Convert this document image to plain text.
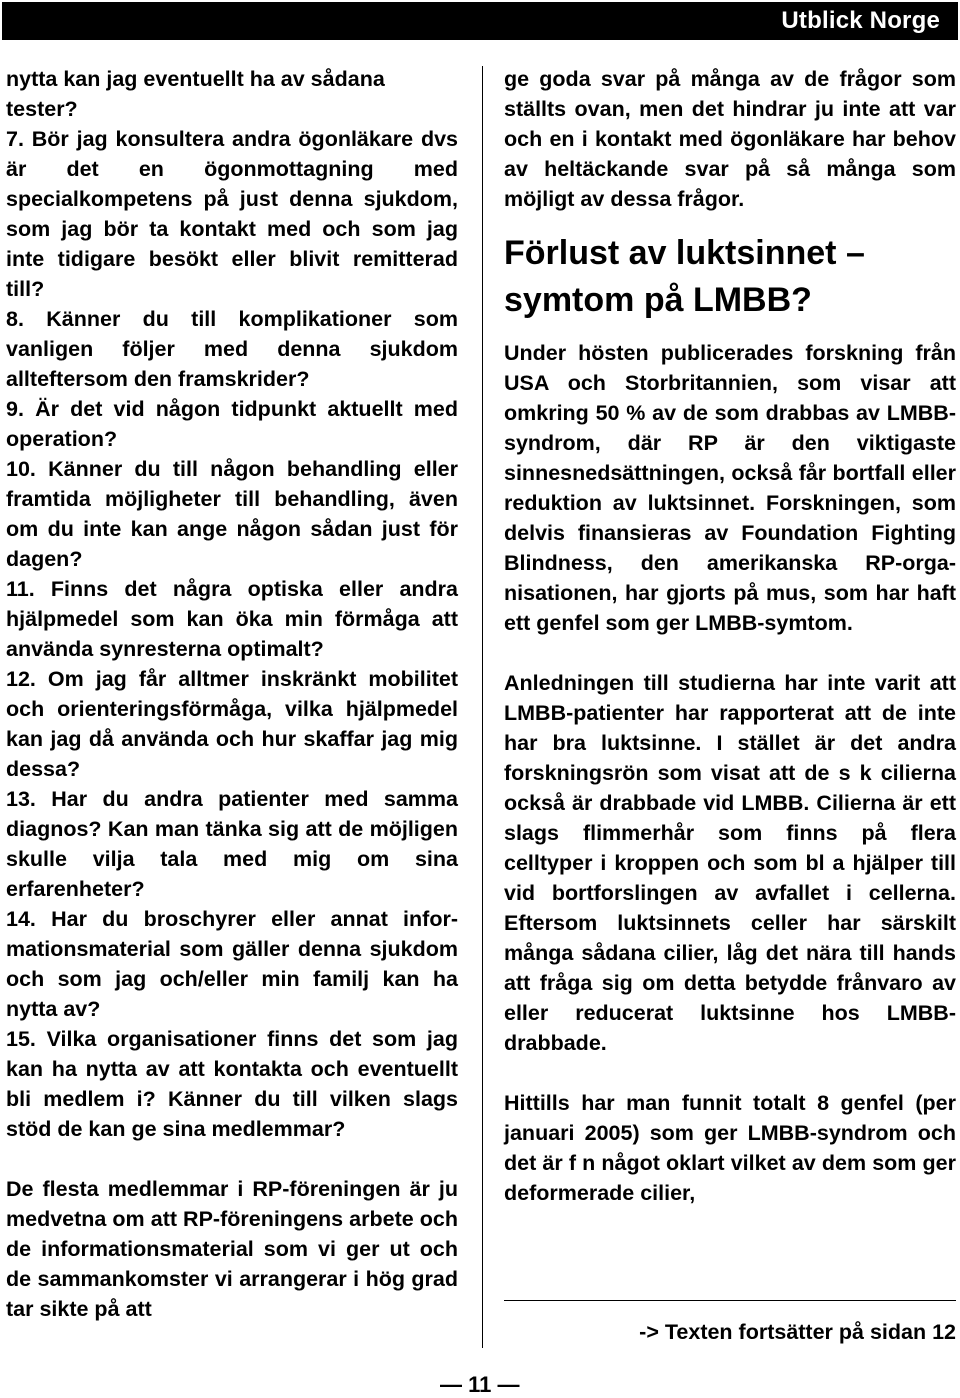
Utblick Norge

nytta kan jag eventuellt ha av sådana tester?

7. Bör jag konsultera andra ögonläkare dvs är det en ögonmottagning med specialkompetens på just denna sjukdom, som jag bör ta kontakt med och som jag inte tidigare besökt eller blivit remitterad till?

8. Känner du till komplikationer som vanligen följer med denna sjukdom allteftersom den framskrider?

9. Är det vid någon tidpunkt aktuellt med operation?

10. Känner du till någon behandling eller framtida möjligheter till behandling, även om du inte kan ange någon sådan just för dagen?

11. Finns det några optiska eller andra hjälpmedel som kan öka min förmåga att använda synresterna optimalt?

12. Om jag får alltmer inskränkt mobilitet och orienteringsförmåga, vilka hjälpmedel kan jag då använda och hur skaffar jag mig dessa?

13. Har du andra patienter med samma diagnos? Kan man tänka sig att de möjligen skulle vilja tala med mig om sina erfarenheter?

14. Har du broschyrer eller annat informationsmaterial som gäller denna sjukdom och som jag och/eller min familj kan ha nytta av?

15. Vilka organisationer finns det som jag kan ha nytta av att kontakta och eventuellt bli medlem i? Känner du till vilken slags stöd de kan ge sina medlemmar?

De flesta medlemmar i RP-föreningen är ju medvetna om att RP-föreningens arbete och de informationsmaterial som vi ger ut och de sammankomster vi arrangerar i hög grad tar sikte på att

ge goda svar på många av de frågor som ställts ovan, men det hindrar ju inte att var och en i kontakt med ögonläkare har behov av heltäckande svar på så många som möjligt av dessa frågor.

Förlust av luktsinnet – symtom på LMBB?

Under hösten publicerades forskning från USA och Storbritannien, som visar att omkring 50 % av de som drabbas av LMBB-syndrom, där RP är den viktigaste sinnesnedsättningen, också får bortfall eller reduktion av luktsinnet. Forskningen, som delvis finansieras av Foundation Fighting Blindness, den amerikanska RP-organisationen, har gjorts på mus, som har haft ett genfel som ger LMBB-symtom.

Anledningen till studierna har inte varit att LMBB-patienter har rapporterat att de inte har bra luktsinne. I stället är det andra forskningsrön som visat att de s k cilierna också är drabbade vid LMBB. Cilierna är ett slags flimmerhår som finns på flera celltyper i kroppen och som bl a hjälper till vid bortforslingen av avfallet i cellerna. Eftersom luktsinnets celler har särskilt många sådana cilier, låg det nära till hands att fråga sig om detta betydde frånvaro av eller reducerat luktsinne hos LMBB-drabbade.

Hittills har man funnit totalt 8 genfel (per januari 2005) som ger LMBB-syndrom och det är f n något oklart vilket av dem som ger deformerade cilier,

-> Texten fortsätter på sidan 12
— 11 —
